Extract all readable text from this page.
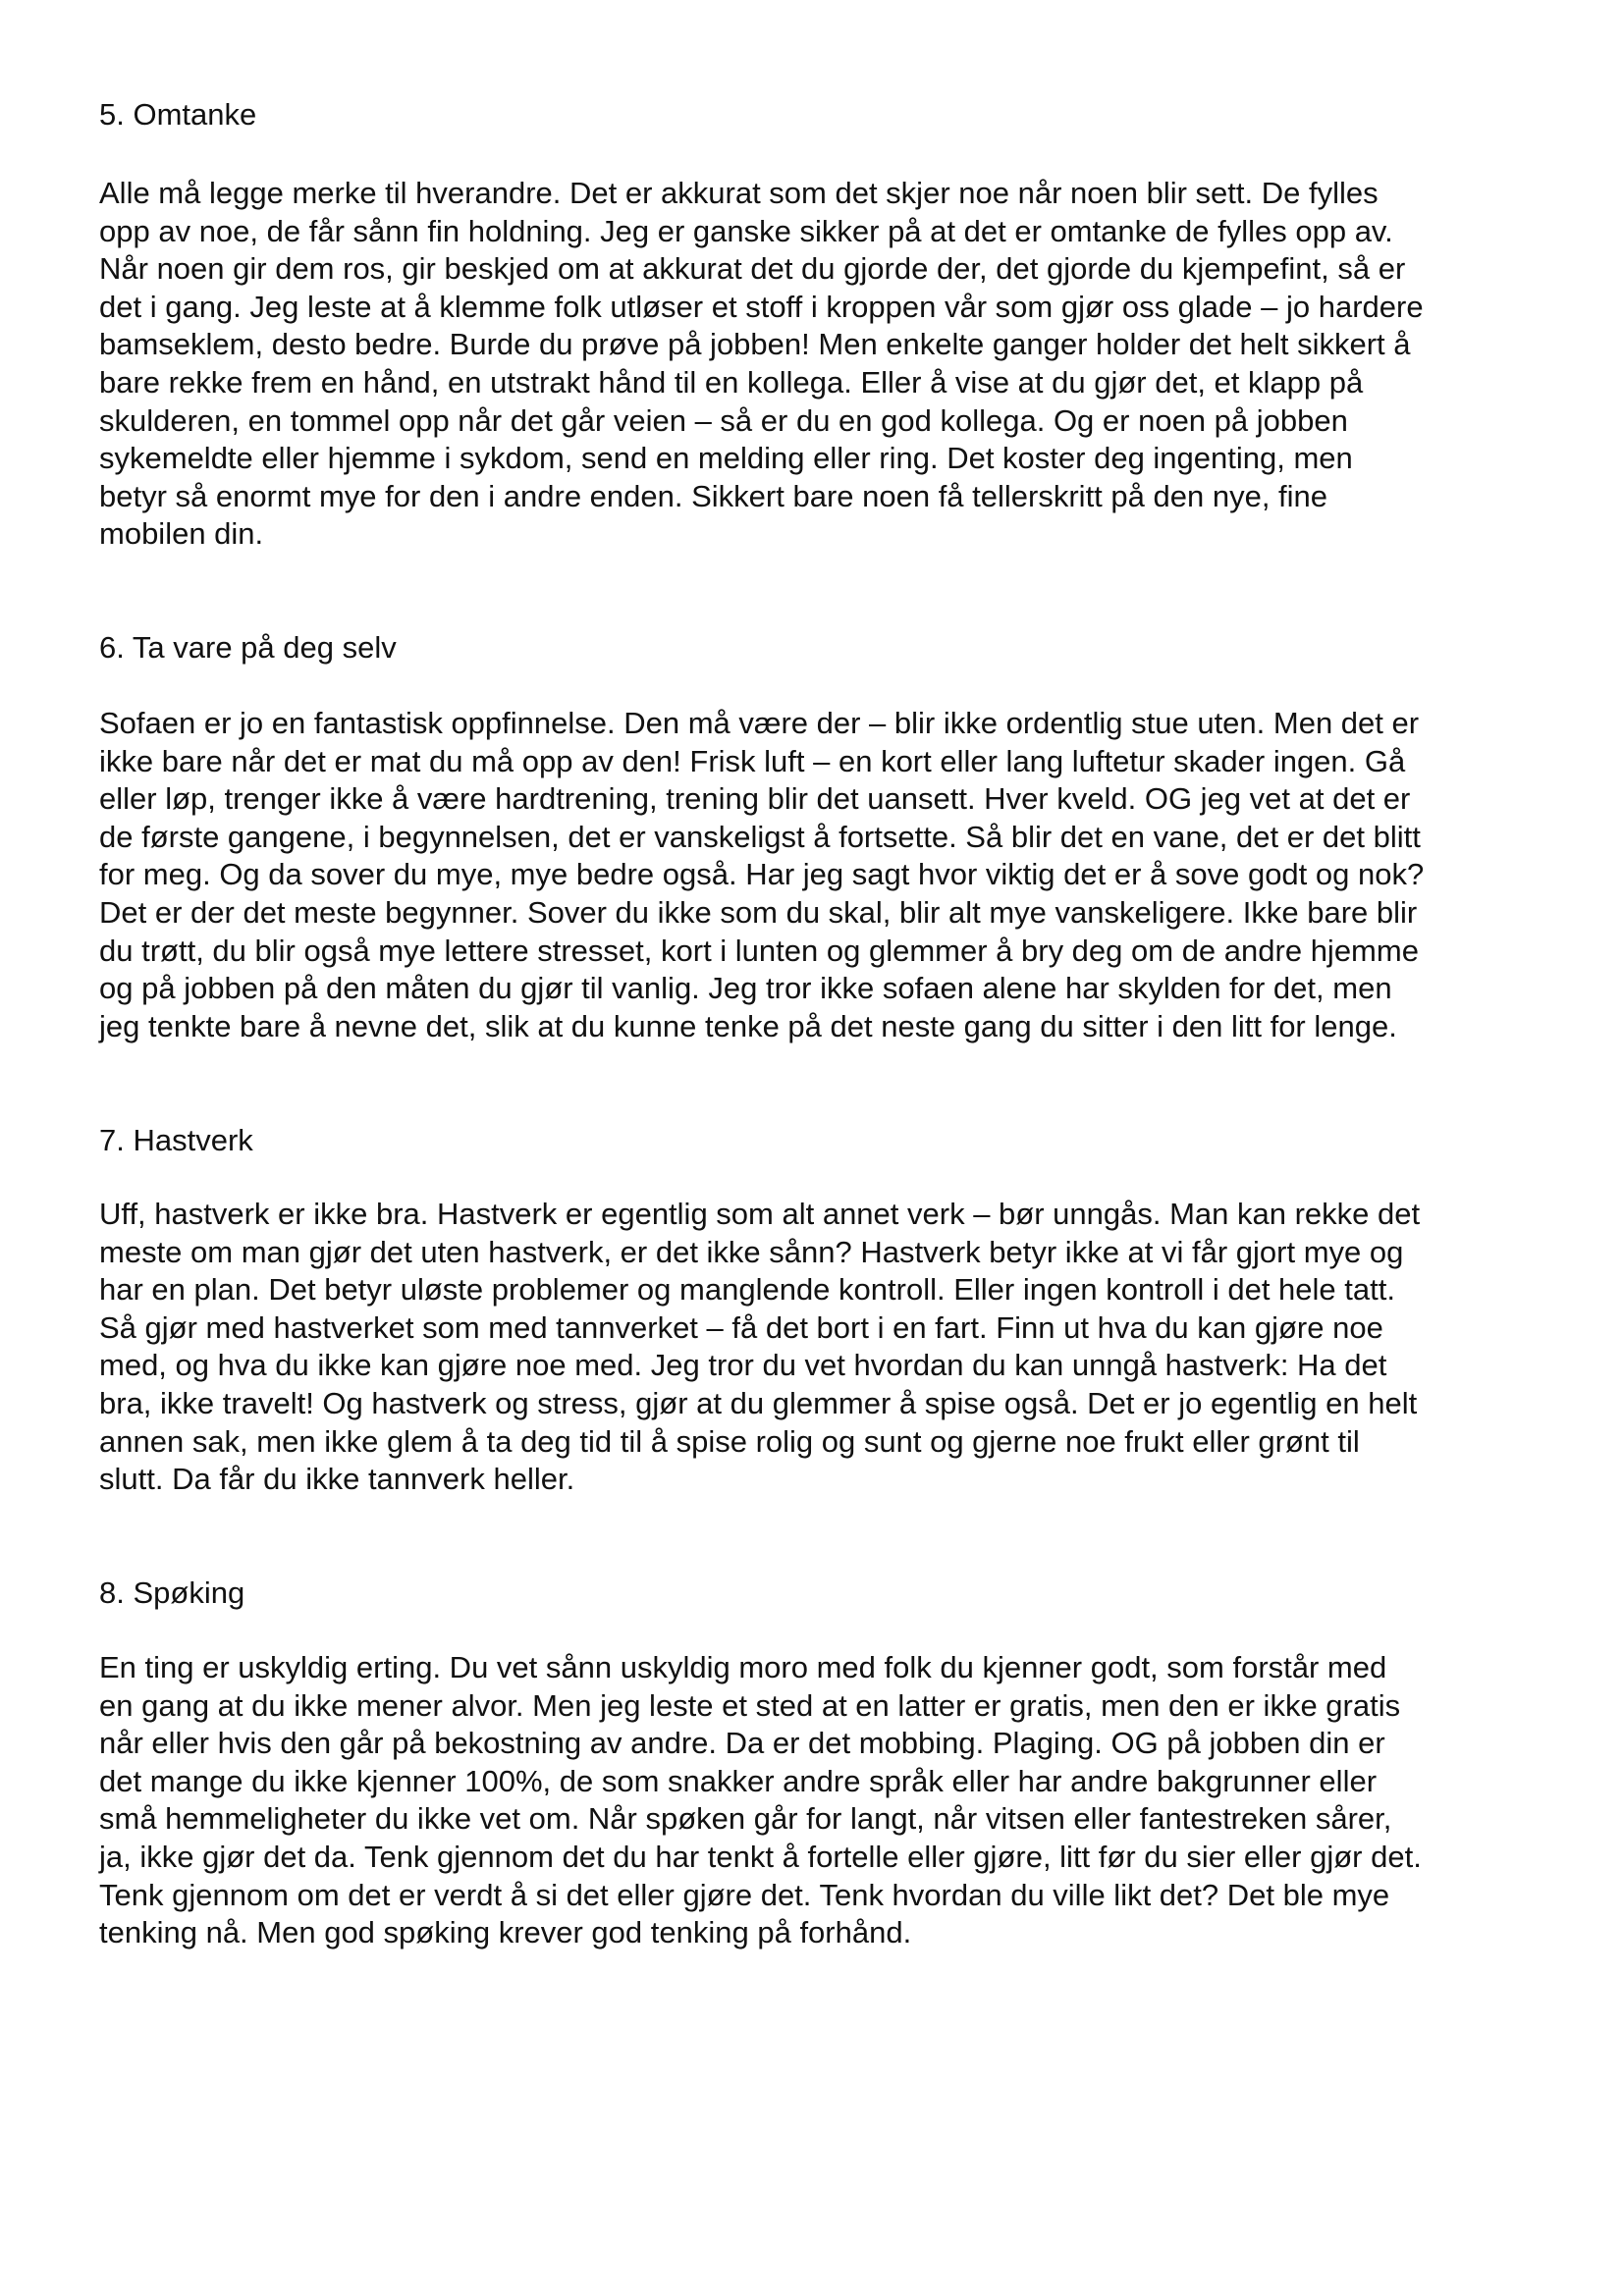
5. Omtanke
Alle må legge merke til hverandre. Det er akkurat som det skjer noe når noen blir sett. De fylles
opp av noe, de får sånn fin holdning. Jeg er ganske sikker på at det er omtanke de fylles opp av.
Når noen gir dem ros, gir beskjed om at akkurat det du gjorde der, det gjorde du kjempefint, så er
det i gang. Jeg leste at å klemme folk utløser et stoff i kroppen vår som gjør oss glade – jo hardere
bamseklem, desto bedre. Burde du prøve på jobben! Men enkelte ganger holder det helt sikkert å
bare rekke frem en hånd, en utstrakt hånd til en kollega. Eller å vise at du gjør det, et klapp på
skulderen, en tommel opp når det går veien – så er du en god kollega. Og er noen på jobben
sykemeldte eller hjemme i sykdom, send en melding eller ring. Det koster deg ingenting, men
betyr så enormt mye for den i andre enden. Sikkert bare noen få tellerskritt på den nye, fine
mobilen din.
6. Ta vare på deg selv
Sofaen er jo en fantastisk oppfinnelse. Den må være der – blir ikke ordentlig stue uten. Men det er
ikke bare når det er mat du må opp av den! Frisk luft – en kort eller lang luftetur skader ingen. Gå
eller løp, trenger ikke å være hardtrening, trening blir det uansett. Hver kveld. OG jeg vet at det er
de første gangene, i begynnelsen, det er vanskeligst å fortsette. Så blir det en vane, det er det blitt
for meg. Og da sover du mye, mye bedre også. Har jeg sagt hvor viktig det er å sove godt og nok?
Det er der det meste begynner. Sover du ikke som du skal, blir alt mye vanskeligere. Ikke bare blir
du trøtt, du blir også mye lettere stresset, kort i lunten og glemmer å bry deg om de andre hjemme
og på jobben på den måten du gjør til vanlig. Jeg tror ikke sofaen alene har skylden for det, men
jeg tenkte bare å nevne det, slik at du kunne tenke på det neste gang du sitter i den litt for lenge.
7. Hastverk
Uff, hastverk er ikke bra. Hastverk er egentlig som alt annet verk – bør unngås. Man kan rekke det
meste om man gjør det uten hastverk, er det ikke sånn? Hastverk betyr ikke at vi får gjort mye og
har en plan. Det betyr uløste problemer og manglende kontroll. Eller ingen kontroll i det hele tatt.
Så gjør med hastverket som med tannverket – få det bort i en fart. Finn ut hva du kan gjøre noe
med, og hva du ikke kan gjøre noe med. Jeg tror du vet hvordan du kan unngå hastverk: Ha det
bra, ikke travelt! Og hastverk og stress, gjør at du glemmer å spise også. Det er jo egentlig en helt
annen sak, men ikke glem å ta deg tid til å spise rolig og sunt og gjerne noe frukt eller grønt til
slutt. Da får du ikke tannverk heller.
8. Spøking
En ting er uskyldig erting. Du vet sånn uskyldig moro med folk du kjenner godt, som forstår med
en gang at du ikke mener alvor. Men jeg leste et sted at en latter er gratis, men den er ikke gratis
når eller hvis den går på bekostning av andre. Da er det mobbing. Plaging. OG på jobben din er
det mange du ikke kjenner 100%, de som snakker andre språk eller har andre bakgrunner eller
små hemmeligheter du ikke vet om. Når spøken går for langt, når vitsen eller fantestreken sårer,
ja, ikke gjør det da. Tenk gjennom det du har tenkt å fortelle eller gjøre, litt før du sier eller gjør det.
Tenk gjennom om det er verdt å si det eller gjøre det. Tenk hvordan du ville likt det? Det ble mye
tenking nå. Men god spøking krever god tenking på forhånd.
